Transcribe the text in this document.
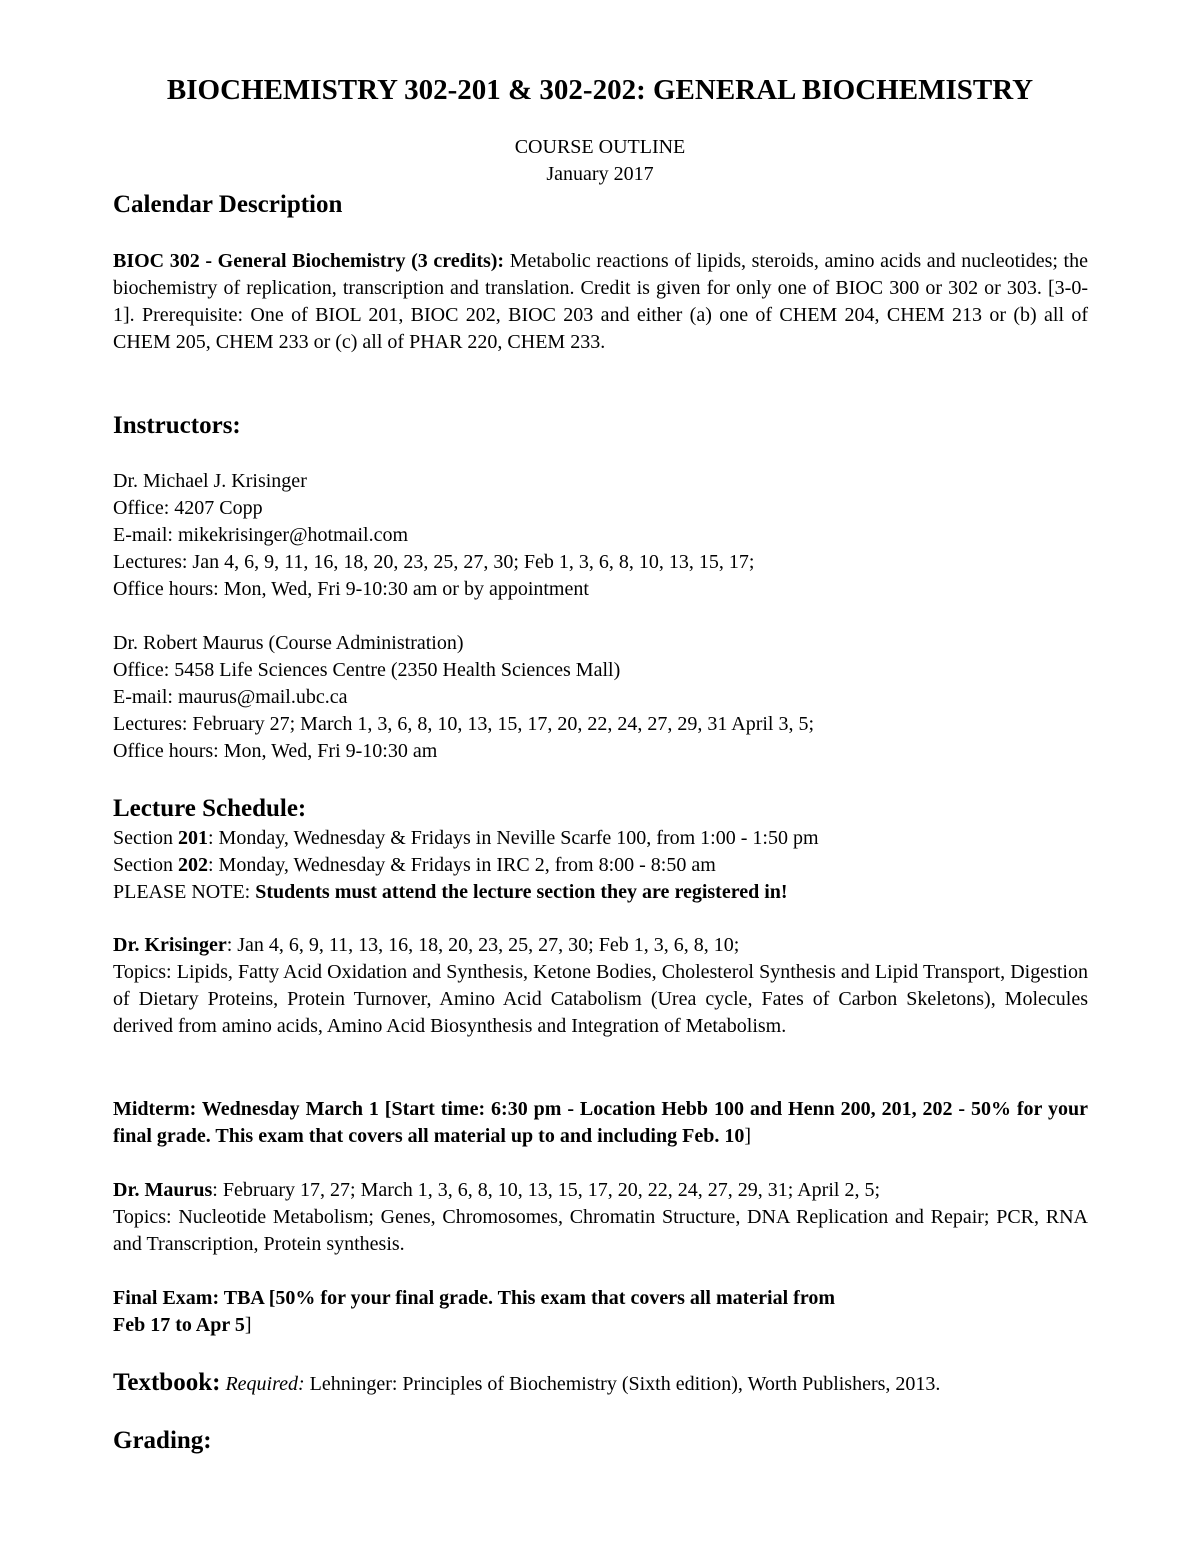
BIOCHEMISTRY 302-201 & 302-202: GENERAL BIOCHEMISTRY
COURSE OUTLINE
January 2017
Calendar Description
BIOC 302 - General Biochemistry (3 credits): Metabolic reactions of lipids, steroids, amino acids and nucleotides; the biochemistry of replication, transcription and translation. Credit is given for only one of BIOC 300 or 302 or 303. [3-0-1]. Prerequisite: One of BIOL 201, BIOC 202, BIOC 203 and either (a) one of CHEM 204, CHEM 213 or (b) all of CHEM 205, CHEM 233 or (c) all of PHAR 220, CHEM 233.
Instructors:
Dr. Michael J. Krisinger
Office: 4207 Copp
E-mail: mikekrisinger@hotmail.com
Lectures: Jan 4, 6, 9, 11, 16, 18, 20, 23, 25, 27, 30; Feb 1, 3, 6, 8, 10, 13, 15, 17;
Office hours: Mon, Wed, Fri 9-10:30 am or by appointment
Dr. Robert Maurus (Course Administration)
Office: 5458 Life Sciences Centre (2350 Health Sciences Mall)
E-mail: maurus@mail.ubc.ca
Lectures: February 27; March 1, 3, 6, 8, 10, 13, 15, 17, 20, 22, 24, 27, 29, 31 April 3, 5;
Office hours: Mon, Wed, Fri 9-10:30 am
Lecture Schedule:
Section 201: Monday, Wednesday & Fridays in Neville Scarfe 100, from 1:00 - 1:50 pm
Section 202: Monday, Wednesday & Fridays in IRC 2, from 8:00 - 8:50 am
PLEASE NOTE: Students must attend the lecture section they are registered in!
Dr. Krisinger: Jan 4, 6, 9, 11, 13, 16, 18, 20, 23, 25, 27, 30; Feb 1, 3, 6, 8, 10;
Topics: Lipids, Fatty Acid Oxidation and Synthesis, Ketone Bodies, Cholesterol Synthesis and Lipid Transport, Digestion of Dietary Proteins, Protein Turnover, Amino Acid Catabolism (Urea cycle, Fates of Carbon Skeletons), Molecules derived from amino acids, Amino Acid Biosynthesis and Integration of Metabolism.
Midterm: Wednesday March 1 [Start time: 6:30 pm - Location Hebb 100 and Henn 200, 201, 202 - 50% for your final grade. This exam that covers all material up to and including Feb. 10]
Dr. Maurus: February 17, 27; March 1, 3, 6, 8, 10, 13, 15, 17, 20, 22, 24, 27, 29, 31; April 2, 5;
Topics: Nucleotide Metabolism; Genes, Chromosomes, Chromatin Structure, DNA Replication and Repair; PCR, RNA and Transcription, Protein synthesis.
Final Exam: TBA [50% for your final grade. This exam that covers all material from
Feb 17 to Apr 5]
Textbook: Required: Lehninger: Principles of Biochemistry (Sixth edition), Worth Publishers, 2013.
Grading:
